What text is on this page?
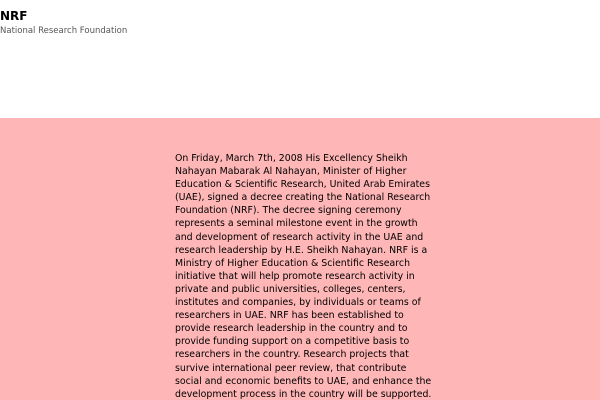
NRF

National Research Foundation

On Friday, March 7th, 2008 His Excellency Sheikh Nahayan Mabarak Al Nahayan, Minister of Higher Education & Scientific Research, United Arab Emirates (UAE), signed a decree creating the National Research Foundation (NRF). The decree signing ceremony represents a seminal milestone event in the growth and development of research activity in the UAE and research leadership by H.E. Sheikh Nahayan. NRF is a Ministry of Higher Education & Scientific Research initiative that will help promote research activity in private and public universities, colleges, centers, institutes and companies, by individuals or teams of researchers in UAE. NRF has been established to provide research leadership in the country and to provide funding support on a competitive basis to researchers in the country. Research projects that survive international peer review, that contribute social and economic benefits to UAE, and enhance the development process in the country will be supported.
